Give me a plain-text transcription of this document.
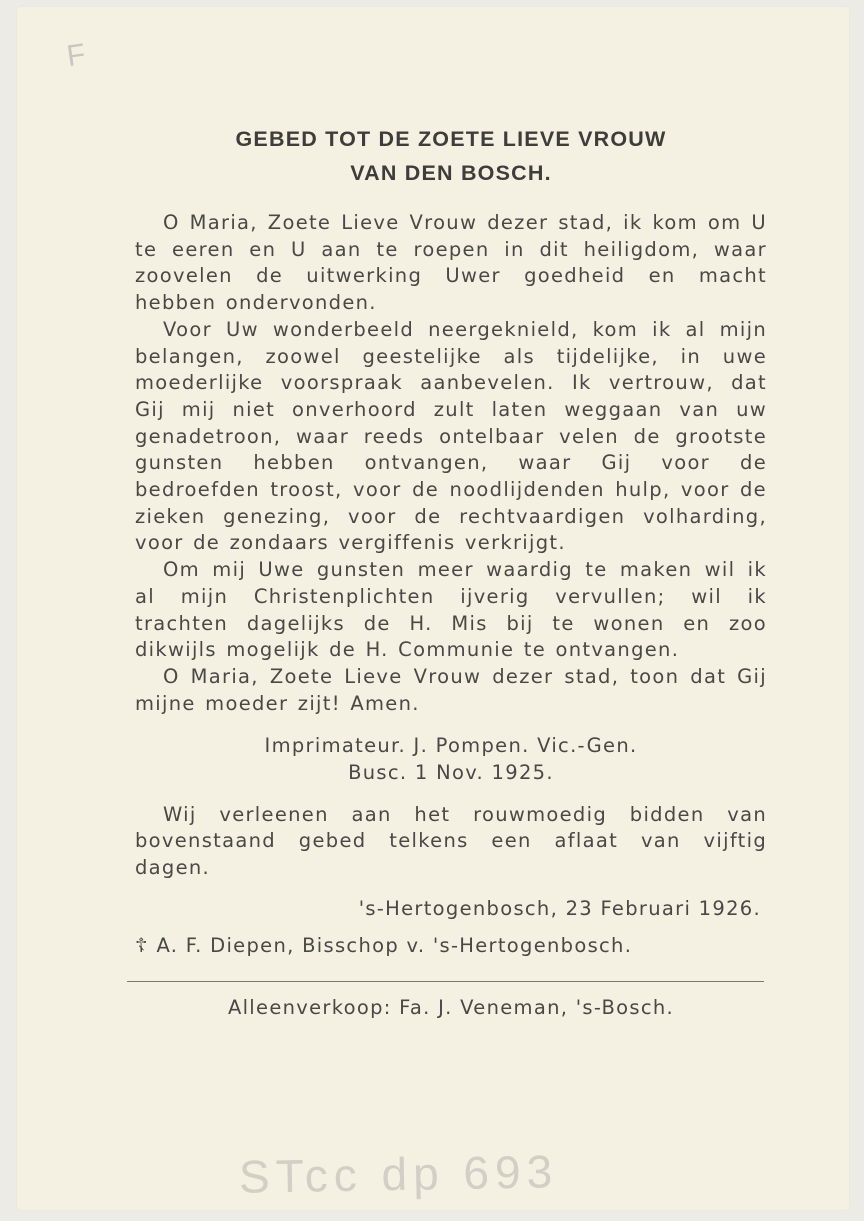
F
GEBED TOT DE ZOETE LIEVE VROUW
VAN DEN BOSCH.

O Maria, Zoete Lieve Vrouw dezer stad, ik kom om U te eeren en U aan te roepen in dit heiligdom, waar zoovelen de uitwerking Uwer goedheid en macht hebben ondervonden.

Voor Uw wonderbeeld neergeknield, kom ik al mijn belangen, zoowel geestelijke als tijdelijke, in uwe moederlijke voorspraak aanbevelen. Ik vertrouw, dat Gij mij niet onverhoord zult laten weggaan van uw genadetroon, waar reeds ontelbaar velen de grootste gunsten hebben ontvangen, waar Gij voor de bedroefden troost, voor de noodlijdenden hulp, voor de zieken genezing, voor de rechtvaardigen volharding, voor de zondaars vergiffenis verkrijgt.

Om mij Uwe gunsten meer waardig te maken wil ik al mijn Christenplichten ijverig vervullen; wil ik trachten dagelijks de H. Mis bij te wonen en zoo dikwijls mogelijk de H. Communie te ontvangen.

O Maria, Zoete Lieve Vrouw dezer stad, toon dat Gij mijne moeder zijt! Amen.

Imprimateur. J. Pompen. Vic.-Gen.
Busc. 1 Nov. 1925.

Wij verleenen aan het rouwmoedig bidden van bovenstaand gebed telkens een aflaat van vijftig dagen.

's-Hertogenbosch, 23 Februari 1926.
☦ A. F. Diepen, Bisschop v. 's-Hertogenbosch.
Alleenverkoop: Fa. J. Veneman, 's-Bosch.
STcc dp 693
